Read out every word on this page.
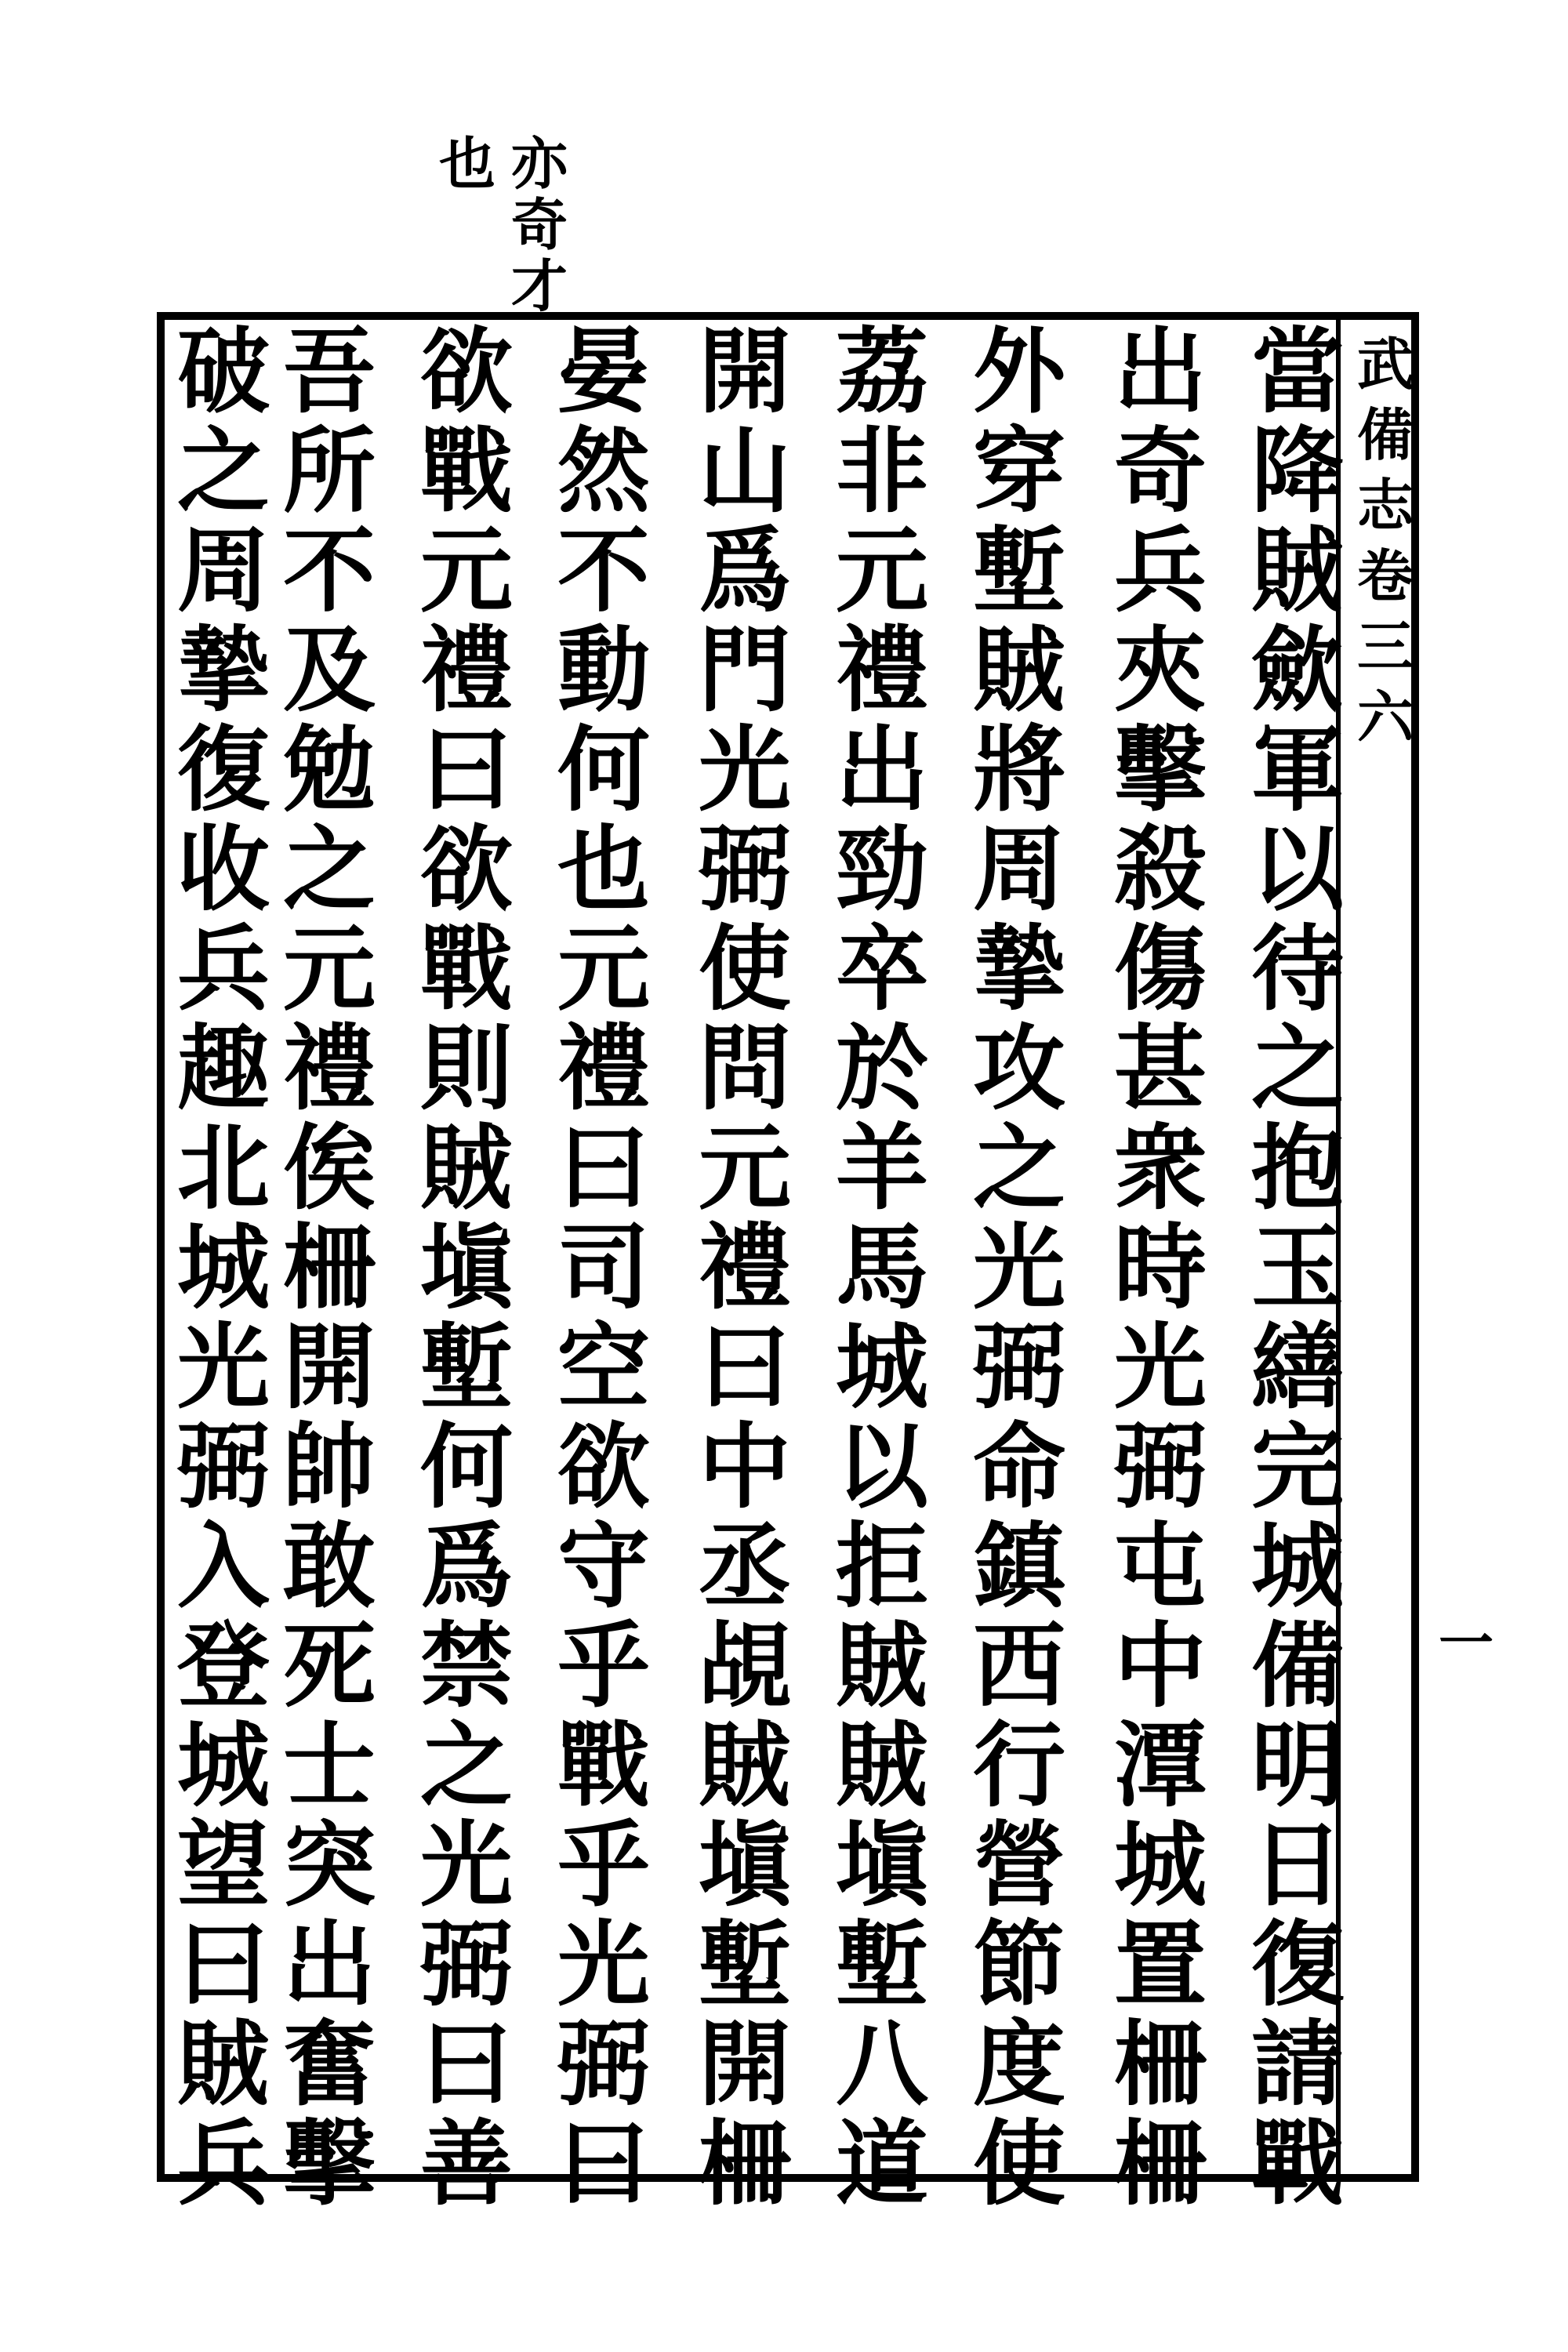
亦
奇
才
也
武
備
志
卷
三
六
一
當
降
賊
歛
軍
以
待
之
抱
玉
繕
完
城
備
明
日
復
請
戰
出
奇
兵
夾
擊
殺
傷
甚
衆
時
光
弼
屯
中
潭
城
置
柵
柵
外
穿
塹
賊
將
周
摯
攻
之
光
弼
命
鎮
西
行
營
節
度
使
荔
非
元
禮
出
勁
卒
於
羊
馬
城
以
拒
賊
賊
塡
塹
八
道
開
山
爲
門
光
弼
使
問
元
禮
曰
中
丞
覘
賊
塡
塹
開
柵
晏
然
不
動
何
也
元
禮
曰
司
空
欲
守
乎
戰
乎
光
弼
曰
欲
戰
元
禮
曰
欲
戰
則
賊
塡
塹
何
爲
禁
之
光
弼
曰
善
吾
所
不
及
勉
之
元
禮
俟
柵
開
帥
敢
死
士
突
出
奮
擊
破
之
周
摯
復
收
兵
趣
北
城
光
弼
入
登
城
望
曰
賊
兵
